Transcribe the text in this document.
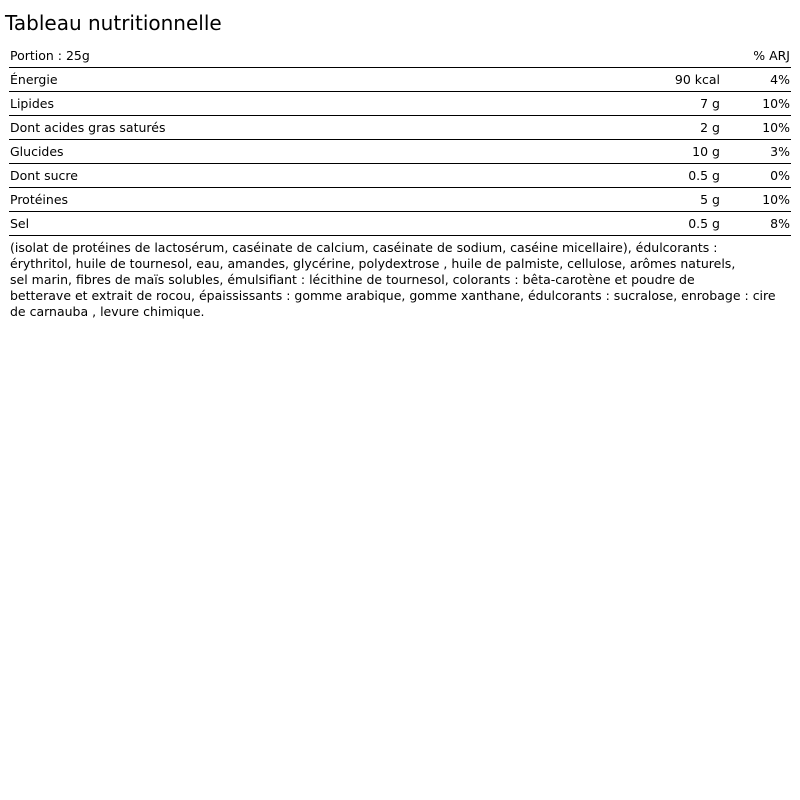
Tableau nutritionnelle
Portion : 25g		% ARJ
Énergie	90 kcal	4%
Lipides	7 g	10%
Dont acides gras saturés	2 g	10%
Glucides	10 g	3%
Dont sucre	0.5 g	0%
Protéines	5 g	10%
Sel	0.5 g	8%

(isolat de protéines de lactosérum, caséinate de calcium, caséinate de sodium, caséine micellaire), édulcorants :
érythritol, huile de tournesol, eau, amandes, glycérine, polydextrose , huile de palmiste, cellulose, arômes naturels,
sel marin, fibres de maïs solubles, émulsifiant : lécithine de tournesol, colorants : bêta-carotène et poudre de
betterave et extrait de rocou, épaississants : gomme arabique, gomme xanthane, édulcorants : sucralose, enrobage : cire
de carnauba , levure chimique.
